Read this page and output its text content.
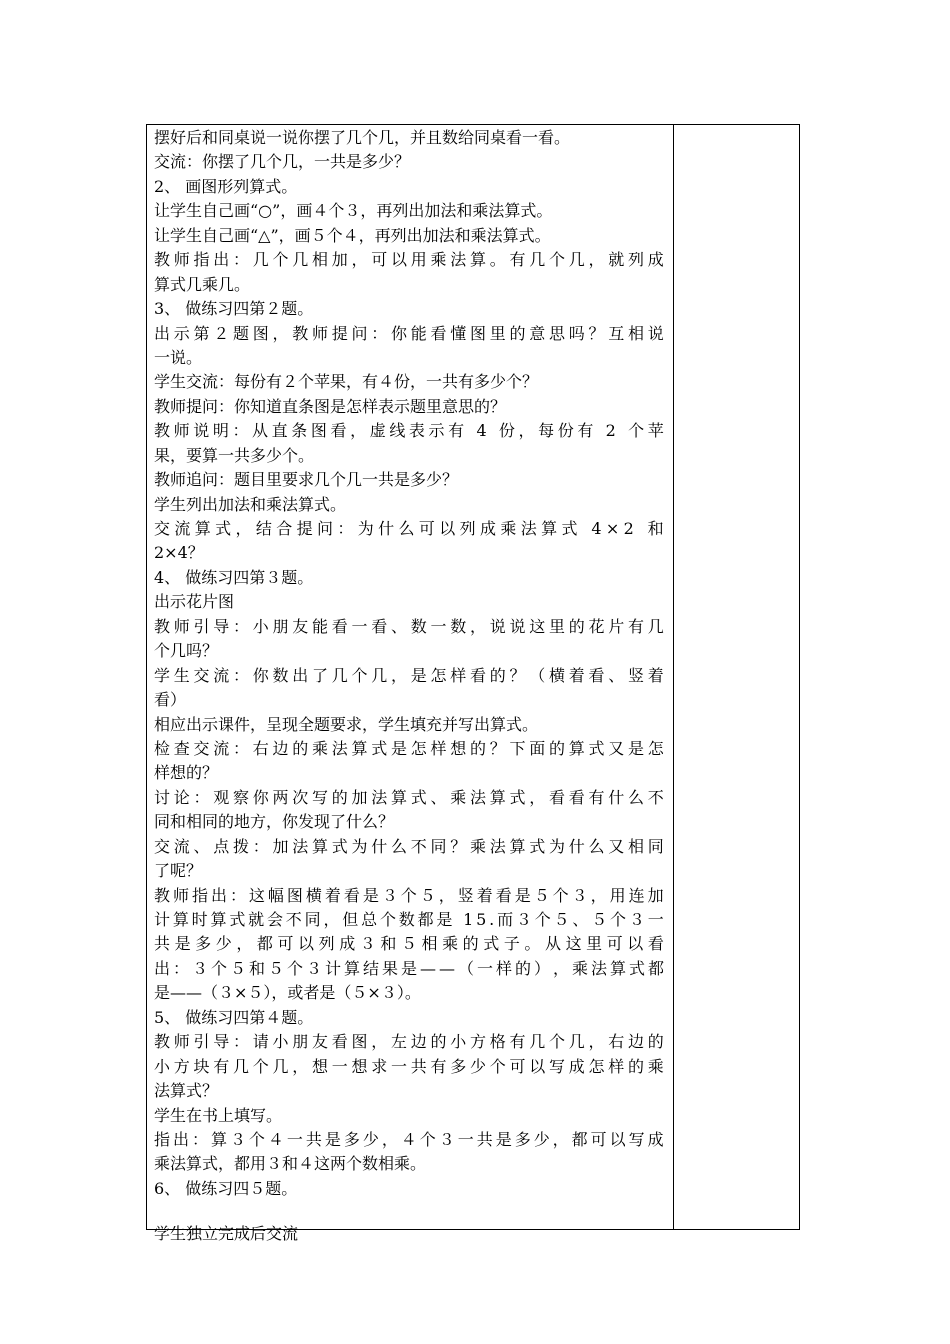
摆好后和同桌说一说你摆了几个几，并且数给同桌看一看。
交流：你摆了几个几，一共是多少？
2、 画图形列算式。
让学生自己画“○”，画４个３，再列出加法和乘法算式。
让学生自己画“△”，画５个４，再列出加法和乘法算式。
教 师 指 出 ： 几 个 几 相 加 ， 可 以 用 乘 法 算 。 有 几 个 几 ， 就 列 成
算式几乘几。
3、 做练习四第２题。
出 示 第 ２ 题 图 ， 教 师 提 问 ： 你 能 看 懂 图 里 的 意 思 吗 ？ 互 相 说
一说。
学生交流：每份有２个苹果，有４份，一共有多少个？
教师提问：你知道直条图是怎样表示题里意思的？
教 师 说 明 ： 从 直 条 图 看 ， 虚 线 表 示 有
4
份 ， 每 份 有
2
个 苹
果，要算一共多少个。
教师追问：题目里要求几个几一共是多少？
学生列出加法和乘法算式。
交 流 算 式 ， 结 合 提 问 ： 为 什 么 可 以 列 成 乘 法 算 式
4 × 2
和
2×4？
4、 做练习四第３题。
出示花片图
教 师 引 导 ： 小 朋 友 能 看 一 看 、 数 一 数 ， 说 说 这 里 的 花 片 有 几
个几吗？
学 生 交 流 ： 你 数 出 了 几 个 几 ， 是 怎 样 看 的 ？ （ 横 着 看 、 竖 着
看）
相应出示课件，呈现全题要求，学生填充并写出算式。
检 查 交 流 ： 右 边 的 乘 法 算 式 是 怎 样 想 的 ？ 下 面 的 算 式 又 是 怎
样想的？
讨 论 ： 观 察 你 两 次 写 的 加 法 算 式 、 乘 法 算 式 ， 看 看 有 什 么 不
同和相同的地方，你发现了什么？
交 流 、 点 拨 ： 加 法 算 式 为 什 么 不 同 ？ 乘 法 算 式 为 什 么 又 相 同
了呢？
教 师 指 出 ： 这 幅 图 横 着 看 是 ３ 个 ５ ， 竖 着 看 是 ５ 个 ３ ， 用 连 加
计 算 时 算 式 就 会 不 同 ， 但 总 个 数 都 是
1 5 . 而 ３ 个 ５ 、 ５ 个 ３ 一
共 是 多 少 ， 都 可 以 列 成 ３ 和 ５ 相 乘 的 式 子 。 从 这 里 可 以 看
出 ： ３ 个 ５ 和 ５ 个 ３ 计 算 结 果 是 — — （ 一 样 的 ） ， 乘 法 算 式 都
是——（３×５），或者是（５×３）。
5、 做练习四第４题。
教 师 引 导 ： 请 小 朋 友 看 图 ， 左 边 的 小 方 格 有 几 个 几 ， 右 边 的
小 方 块 有 几 个 几 ， 想 一 想 求 一 共 有 多 少 个 可 以 写 成 怎 样 的 乘
法算式？
学生在书上填写。
指 出 ： 算 ３ 个 ４ 一 共 是 多 少 ， ４ 个 ３ 一 共 是 多 少 ， 都 可 以 写 成
乘法算式，都用３和４这两个数相乘。
6、 做练习四５题。
学生独立完成后交流
